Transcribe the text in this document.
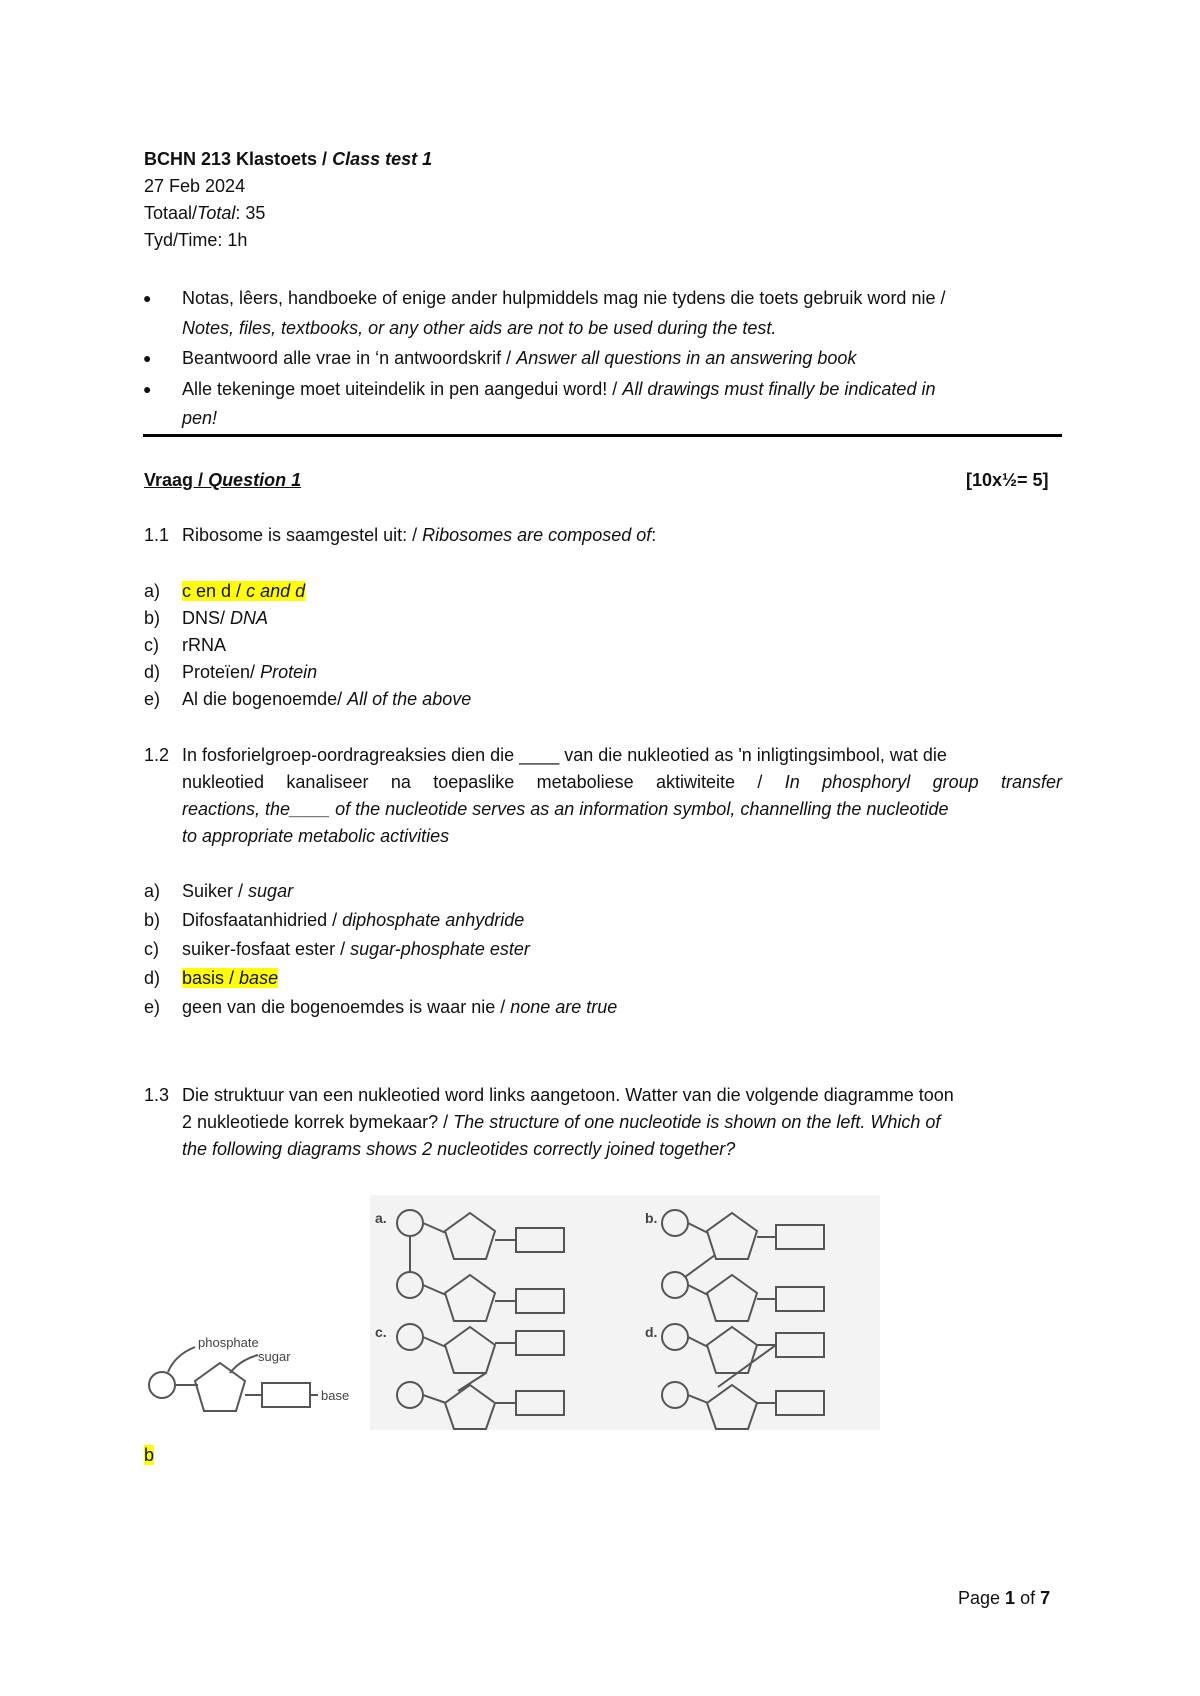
BCHN 213 Klastoets / Class test 1
27 Feb 2024
Totaal/Total: 35
Tyd/Time: 1h
● Notas, lêers, handboeke of enige ander hulpmiddels mag nie tydens die toets gebruik word nie /
Notes, files, textbooks, or any other aids are not to be used during the test.
● Beantwoord alle vrae in ‘n antwoordskrif / Answer all questions in an answering book
● Alle tekeninge moet uiteindelik in pen aangedui word! / All drawings must finally be indicated in
pen!
Vraag / Question 1	[10x½= 5]
1.1 Ribosome is saamgestel uit: / Ribosomes are composed of:
a) c en d / c and d
b) DNS/ DNA
c) rRNA
d) Proteïen/ Protein
e) Al die bogenoemde/ All of the above
1.2 In fosforielgroep-oordragreaksies dien die ____ van die nukleotied as 'n inligtingsimbool, wat die
nukleotied kanaliseer na toepaslike metaboliese aktiwiteite / In phosphoryl group transfer
reactions, the____ of the nucleotide serves as an information symbol, channelling the nucleotide
to appropriate metabolic activities
a) Suiker / sugar
b) Difosfaatanhidried / diphosphate anhydride
c) suiker-fosfaat ester / sugar-phosphate ester
d) basis / base
e) geen van die bogenoemdes is waar nie / none are true
1.3 Die struktuur van een nukleotied word links aangetoon. Watter van die volgende diagramme toon
2 nukleotiede korrek bymekaar? / The structure of one nucleotide is shown on the left. Which of
the following diagrams shows 2 nucleotides correctly joined together?
phosphate
sugar
base
a.	b.
c.	d.
b
Page 1 of 7
